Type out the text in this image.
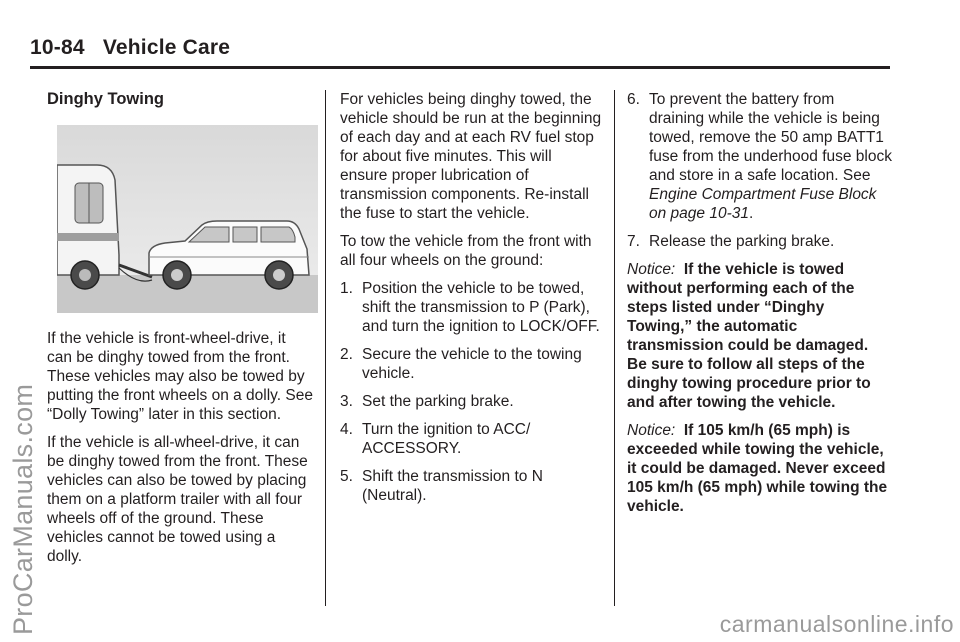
10-84 Vehicle Care
Dinghy Towing

If the vehicle is front-wheel-drive, it can be dinghy towed from the front. These vehicles may also be towed by putting the front wheels on a dolly. See “Dolly Towing” later in this section.

If the vehicle is all-wheel-drive, it can be dinghy towed from the front. These vehicles can also be towed by placing them on a platform trailer with all four wheels off of the ground. These vehicles cannot be towed using a dolly.

For vehicles being dinghy towed, the vehicle should be run at the beginning of each day and at each RV fuel stop for about five minutes. This will ensure proper lubrication of transmission components. Re-install the fuse to start the vehicle.

To tow the vehicle from the front with all four wheels on the ground:

1. Position the vehicle to be towed, shift the transmission to P (Park), and turn the ignition to LOCK/OFF.
2. Secure the vehicle to the towing vehicle.
3. Set the parking brake.
4. Turn the ignition to ACC/ ACCESSORY.
5. Shift the transmission to N (Neutral).
6. To prevent the battery from draining while the vehicle is being towed, remove the 50 amp BATT1 fuse from the underhood fuse block and store in a safe location. See Engine Compartment Fuse Block on page 10-31.
7. Release the parking brake.

Notice: If the vehicle is towed without performing each of the steps listed under “Dinghy Towing,” the automatic transmission could be damaged. Be sure to follow all steps of the dinghy towing procedure prior to and after towing the vehicle.

Notice: If 105 km/h (65 mph) is exceeded while towing the vehicle, it could be damaged. Never exceed 105 km/h (65 mph) while towing the vehicle.

ProCarManuals.com	carmanualsonline.info
